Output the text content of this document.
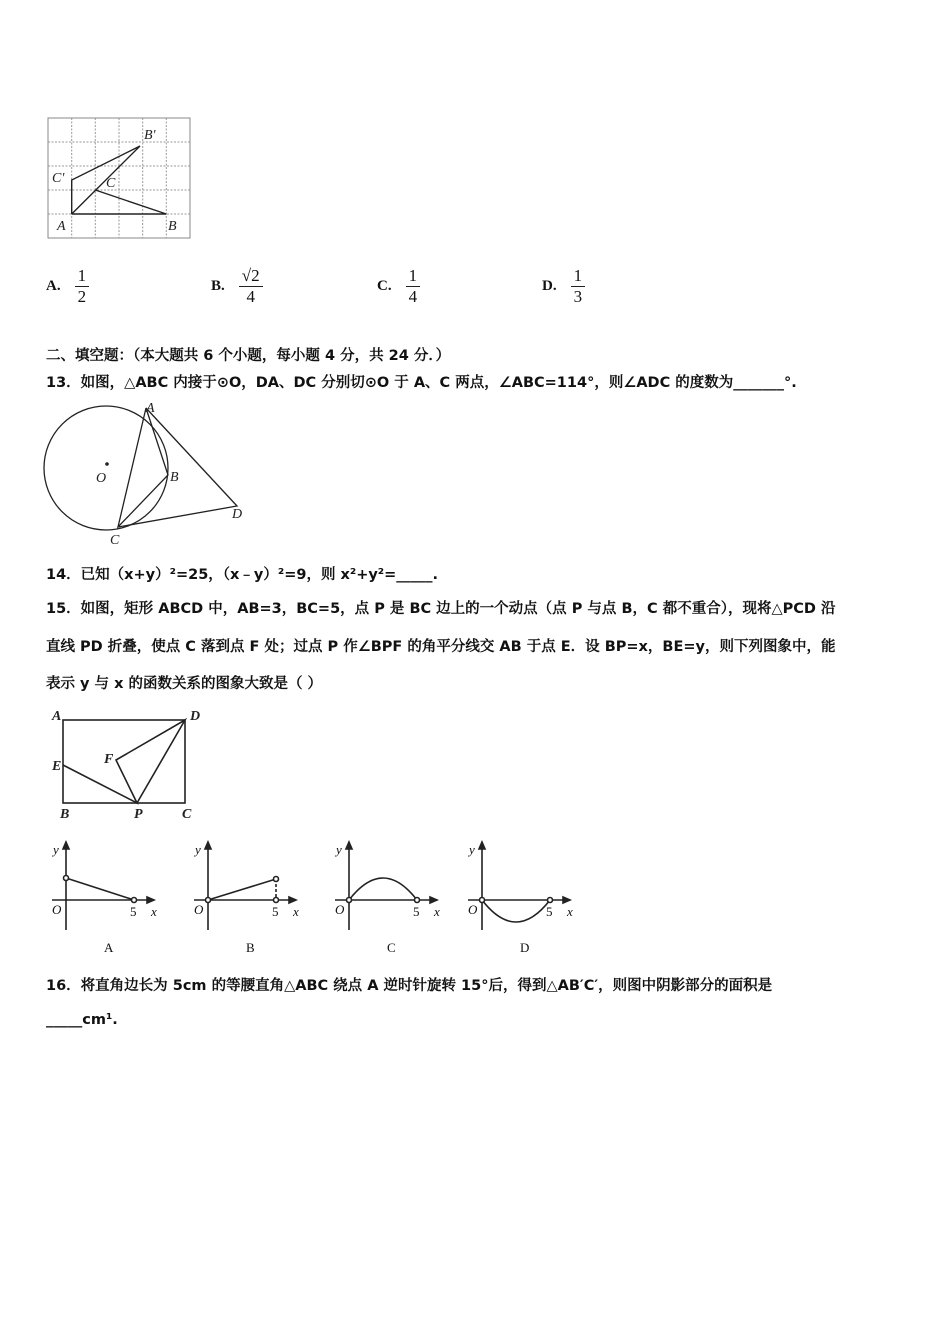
B'
C'	C
A	B
A. $\frac{1}{2}$	B. $\frac{√2}{4}$	C. $\frac{1}{4}$	D. $\frac{1}{3}$
二、填空题：（本大题共 6 个小题，每小题 4 分，共 24 分．）
13．如图，△ABC 内接于⊙O，DA、DC 分别切⊙O 于 A、C 两点，∠ABC=114°，则∠ADC 的度数为_______°.
A
O	B
C
D
14．已知（x+y）²=25，（x﹣y）²=9，则 x²+y²=_____.
15．如图，矩形 ABCD 中，AB=3，BC=5，点 P 是 BC 边上的一个动点（点 P 与点 B，C 都不重合），现将△PCD 沿
直线 PD 折叠，使点 C 落到点 F 处；过点 P 作∠BPF 的角平分线交 AB 于点 E．设 BP=x，BE=y，则下列图象中，能
表示 y 与 x 的函数关系的图象大致是（ ）
A	D
E	F
B	P	C
y
O	5 x
A
y
O	5 x
B
y
O	5 x
C
y
O	5 x
D
16．将直角边长为 5cm 的等腰直角△ABC 绕点 A 逆时针旋转 15°后，得到△AB′C′，则图中阴影部分的面积是
_____cm¹.
